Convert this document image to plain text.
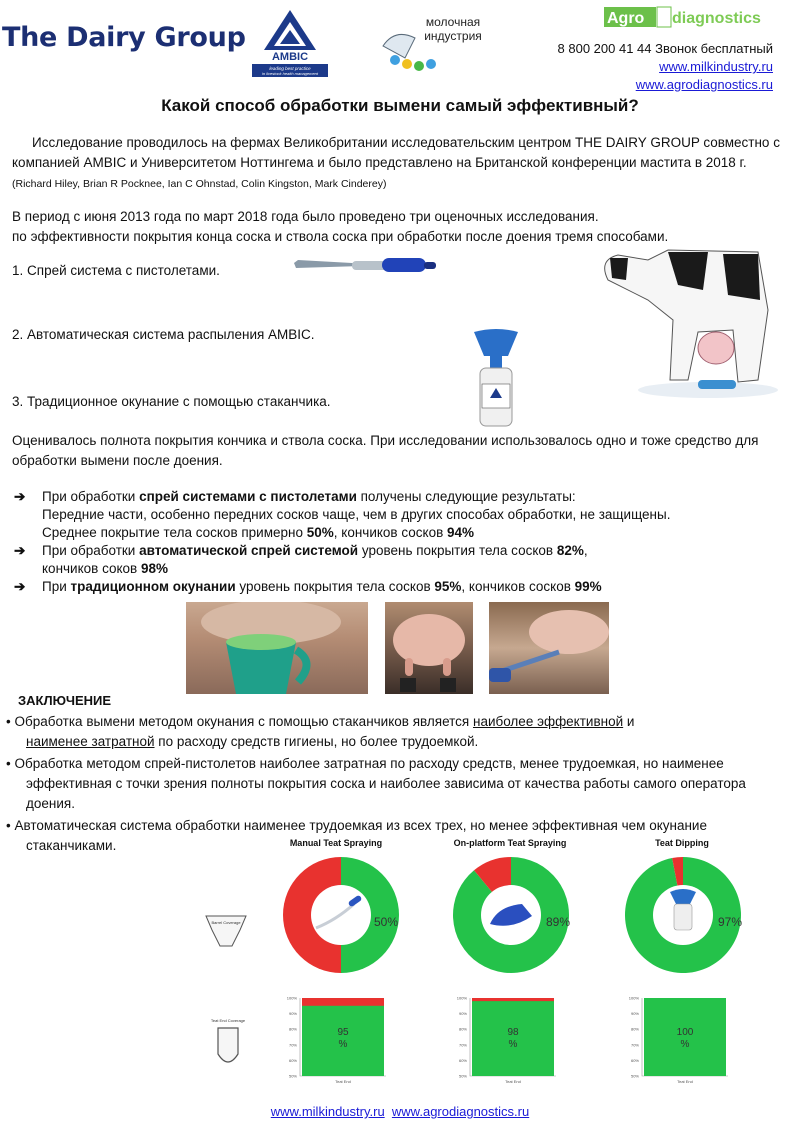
The Dairy Group
AMBIC
leading best practice
in livestock health management
молочная
индустрия
Agro diagnostics
8 800 200 41 44 Звонок бесплатный
www.milkindustry.ru
www.agrodiagnostics.ru
Какой способ обработки вымени самый эффективный?
Исследование проводилось на фермах Великобритании исследовательским центром THE DAIRY GROUP совместно с компанией AMBIC и Университетом Ноттингема и было представлено на Британской конференции мастита в 2018 г. (Richard Hiley, Brian R Pocknee, Ian C Ohnstad, Colin Kingston, Mark Cinderey)
В период с июня 2013 года по март 2018 года было проведено три оценочных исследования.
по эффективности покрытия конца соска и ствола соска при обработки после доения тремя способами.
1. Спрей система с пистолетами.
2. Автоматическая система распыления AMBIC.
3. Традиционное окунание с помощью стаканчика.
Оценивалось полнота покрытия кончика и ствола соска. При исследовании использовалось одно и тоже средство для обработки вымени после доения.
➔ При обработки спрей системами с пистолетами получены следующие результаты:
Передние части, особенно передних сосков чаще, чем в других способах обработки, не защищены.
Среднее покрытие тела сосков примерно 50%, кончиков сосков 94%
➔ При обработки автоматической спрей системой уровень покрытия тела сосков 82%,
кончиков соков 98%
➔ При традиционном окунании уровень покрытия тела сосков 95%, кончиков сосков 99%
ЗАКЛЮЧЕНИЕ

• Обработка вымени методом окунания с помощью стаканчиков является наиболее эффективной и
наименее затратной по расходу средств гигиены, но более трудоемкой.

• Обработка методом спрей-пистолетов наиболее затратная по расходу средств, менее трудоемкая, но наименее эффективная с точки зрения полноты покрытия соска и наиболее зависима от качества работы самого оператора доения.

• Автоматическая система обработки наименее трудоемкая из всех трех, но менее эффективная чем окунание стаканчиками.	Manual Teat Spraying	On-platform Teat Spraying	Teat Dipping
Barrel Coverage
Teat End Coverage
50%	89%	97%
100%
90%
80%
70%
60%
50%
95
%
Teat End
100%
90%
80%
70%
60%
50%
98
%
Teat End
100%
90%
80%
70%
60%
50%
100
%
Teat End
www.milkindustry.ru www.agrodiagnostics.ru
